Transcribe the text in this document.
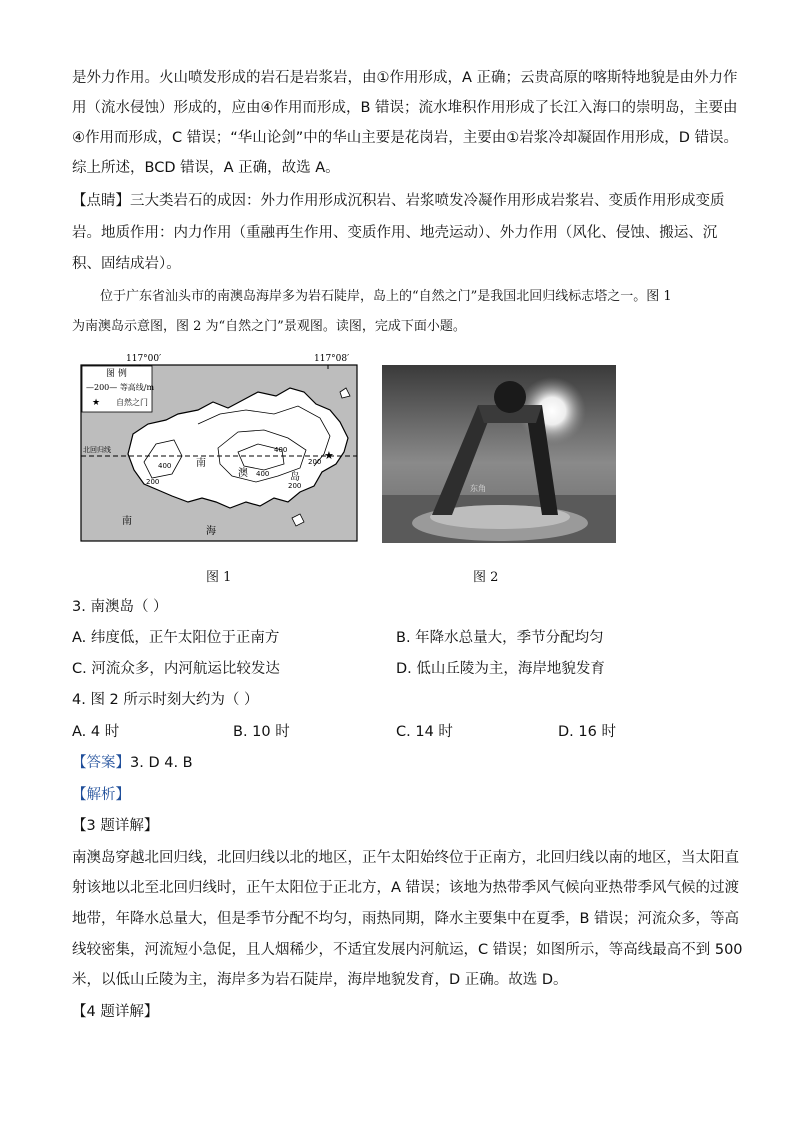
是外力作用。火山喷发形成的岩石是岩浆岩，由①作用形成，A 正确；云贵高原的喀斯特地貌是由外力作
用（流水侵蚀）形成的，应由④作用而形成，B 错误；流水堆积作用形成了长江入海口的崇明岛，主要由
④作用而形成，C 错误；“华山论剑”中的华山主要是花岗岩，主要由①岩浆冷却凝固作用形成，D 错误。
综上所述，BCD 错误，A 正确，故选 A。
【点睛】三大类岩石的成因：外力作用形成沉积岩、岩浆喷发冷凝作用形成岩浆岩、变质作用形成变质
岩。地质作用：内力作用（重融再生作用、变质作用、地壳运动）、外力作用（风化、侵蚀、搬运、沉
积、固结成岩）。
位于广东省汕头市的南澳岛海岸多为岩石陡岸，岛上的“自然之门”是我国北回归线标志塔之一。图 1
为南澳岛示意图，图 2 为“自然之门”景观图。读图，完成下面小题。
117°00′	117°08′
图 例
—200— 等高线/m
★ 自然之门
北回归线	★
400
400
200
200
400
200
南
澳	岛
南
海
东角
图 1	图 2
3. 南澳岛（ ）
A. 纬度低，正午太阳位于正南方	B. 年降水总量大，季节分配均匀
C. 河流众多，内河航运比较发达	D. 低山丘陵为主，海岸地貌发育
4. 图 2 所示时刻大约为（ ）
A. 4 时	B. 10 时	C. 14 时	D. 16 时
【答案】3. D 4. B
【解析】
【3 题详解】
南澳岛穿越北回归线，北回归线以北的地区，正午太阳始终位于正南方，北回归线以南的地区，当太阳直
射该地以北至北回归线时，正午太阳位于正北方，A 错误；该地为热带季风气候向亚热带季风气候的过渡
地带，年降水总量大，但是季节分配不均匀，雨热同期，降水主要集中在夏季，B 错误；河流众多，等高
线较密集，河流短小急促，且人烟稀少，不适宜发展内河航运，C 错误；如图所示，等高线最高不到 500
米，以低山丘陵为主，海岸多为岩石陡岸，海岸地貌发育，D 正确。故选 D。
【4 题详解】
